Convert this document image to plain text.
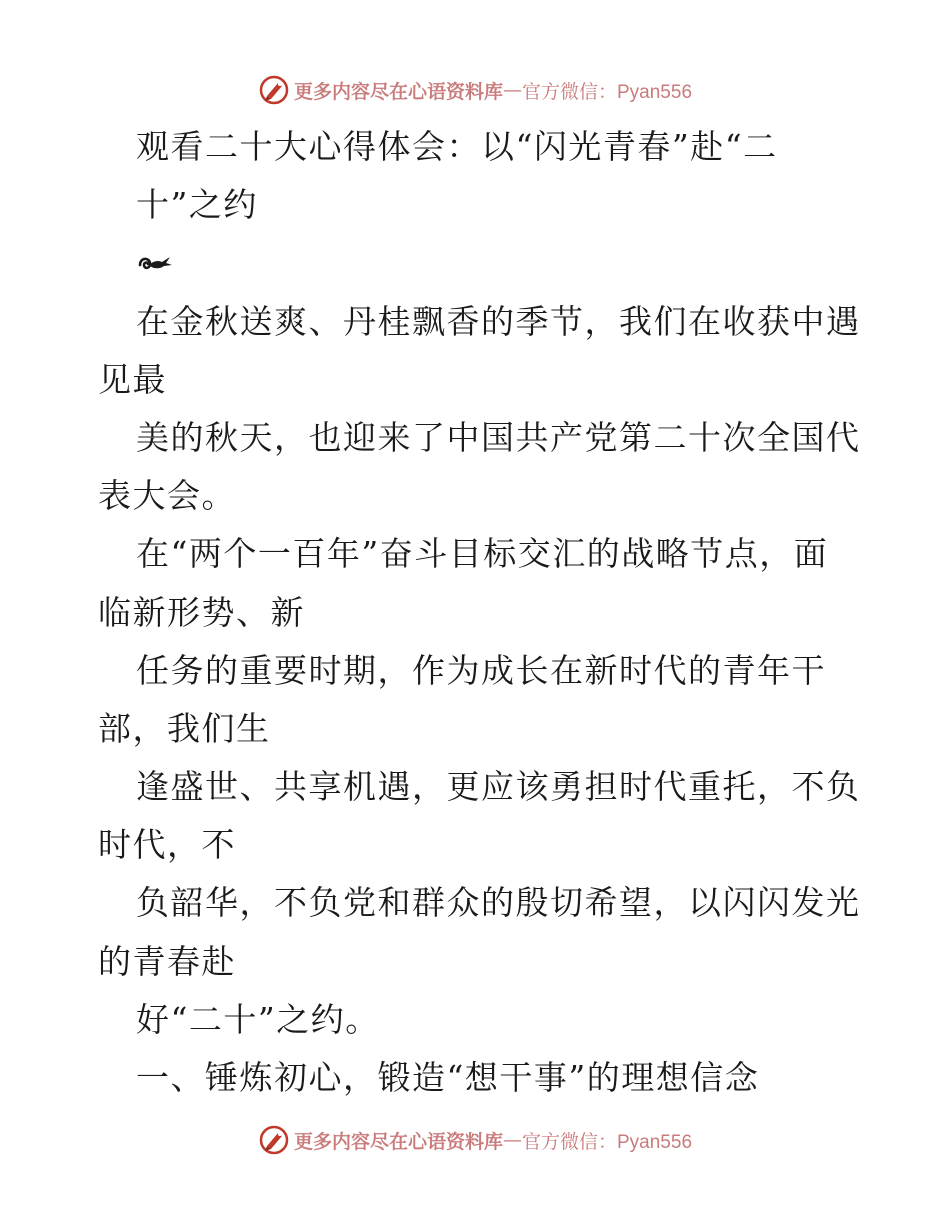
更多内容尽在心语资料库 — 官方微信：Pyan556
观看二十大心得体会：以“闪光青春”赴“二
十”之约
在金秋送爽、丹桂飘香的季节，我们在收获中遇
见最
美的秋天，也迎来了中国共产党第二十次全国代
表大会。
在“两个一百年”奋斗目标交汇的战略节点，面
临新形势、新
任务的重要时期，作为成长在新时代的青年干
部，我们生
逢盛世、共享机遇，更应该勇担时代重托，不负
时代，不
负韶华，不负党和群众的殷切希望，以闪闪发光
的青春赴
好“二十”之约。
一、锤炼初心，锻造“想干事”的理想信念
更多内容尽在心语资料库 — 官方微信：Pyan556
